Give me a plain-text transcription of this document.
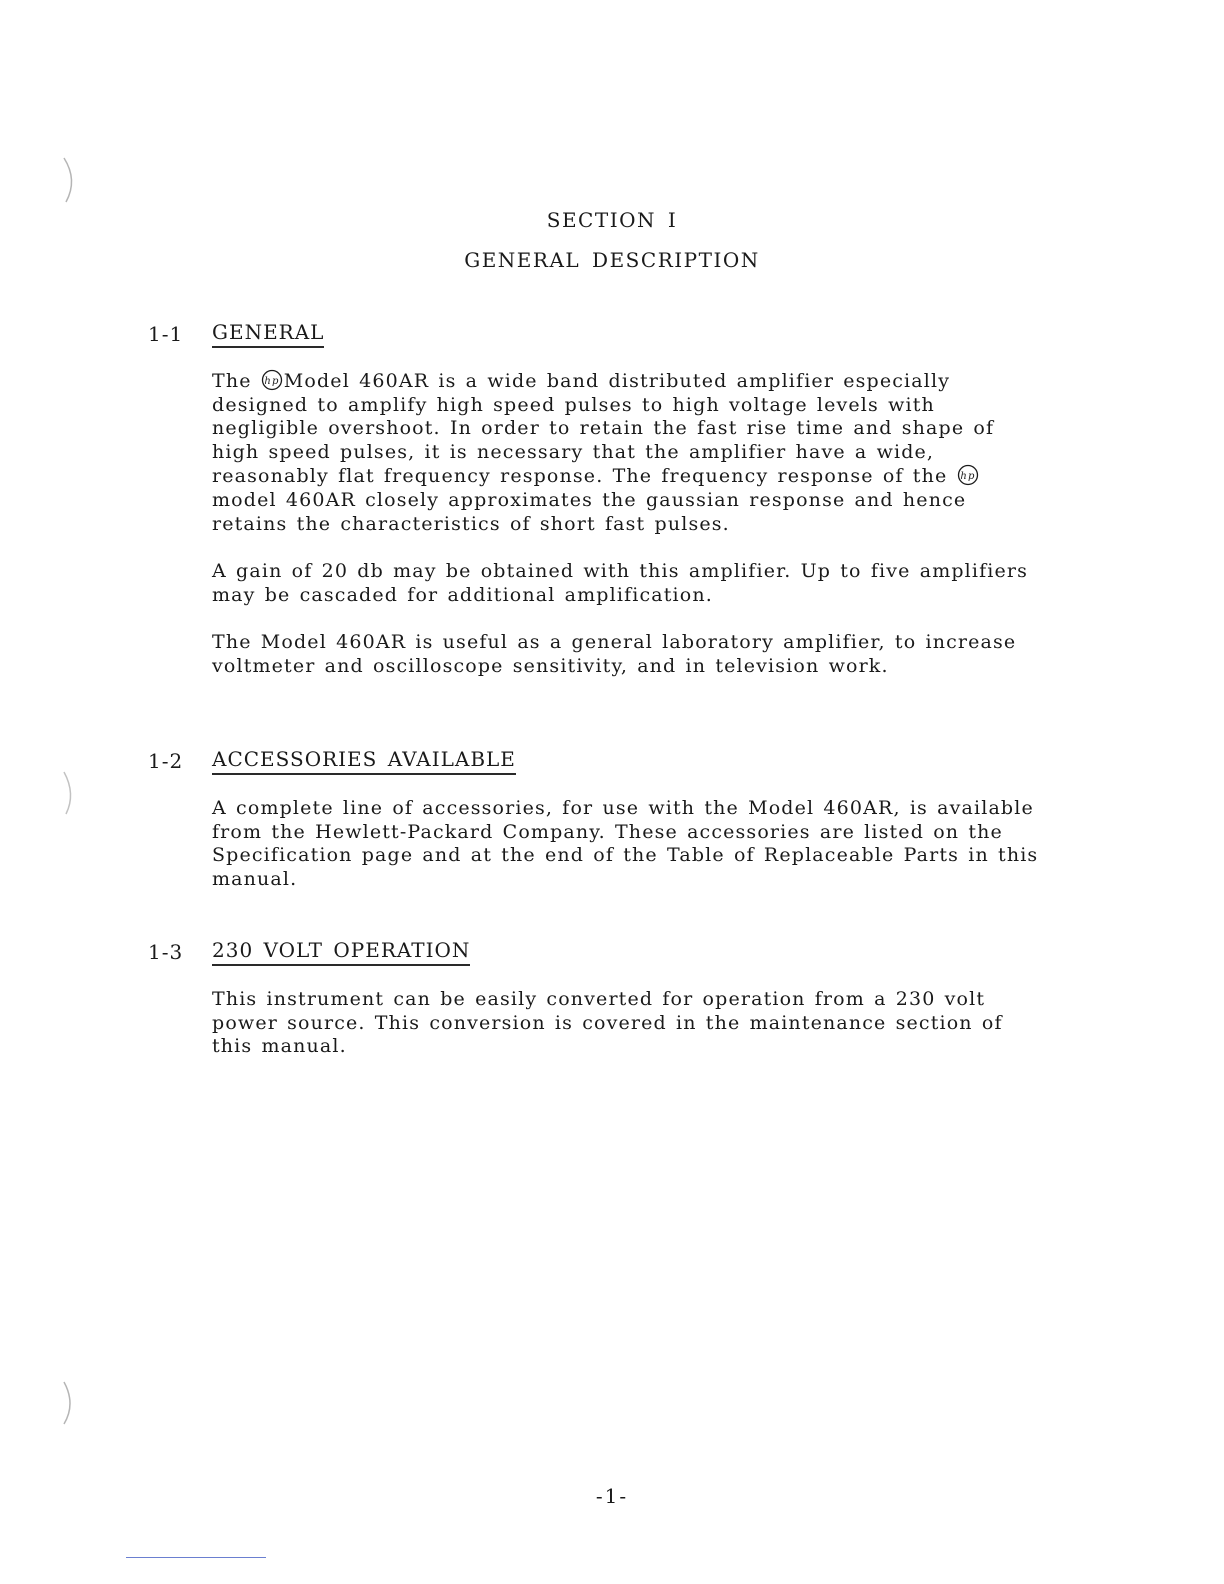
SECTION I
GENERAL DESCRIPTION
1-1 GENERAL

The hp Model 460AR is a wide band distributed amplifier especially designed to amplify high speed pulses to high voltage levels with negligible overshoot. In order to retain the fast rise time and shape of high speed pulses, it is necessary that the amplifier have a wide, reasonably flat frequency response. The frequency response of the hp
model 460AR closely approximates the gaussian response and hence retains the characteristics of short fast pulses.

A gain of 20 db may be obtained with this amplifier. Up to five amplifiers may be cascaded for additional amplification.

The Model 460AR is useful as a general laboratory amplifier, to increase voltmeter and oscilloscope sensitivity, and in television work.

1-2 ACCESSORIES AVAILABLE

A complete line of accessories, for use with the Model 460AR, is available from the Hewlett-Packard Company. These accessories are listed on the Specification page and at the end of the Table of Replaceable Parts in this manual.

1-3 230 VOLT OPERATION

This instrument can be easily converted for operation from a 230 volt power source. This conversion is covered in the maintenance section of this manual.

-1-
